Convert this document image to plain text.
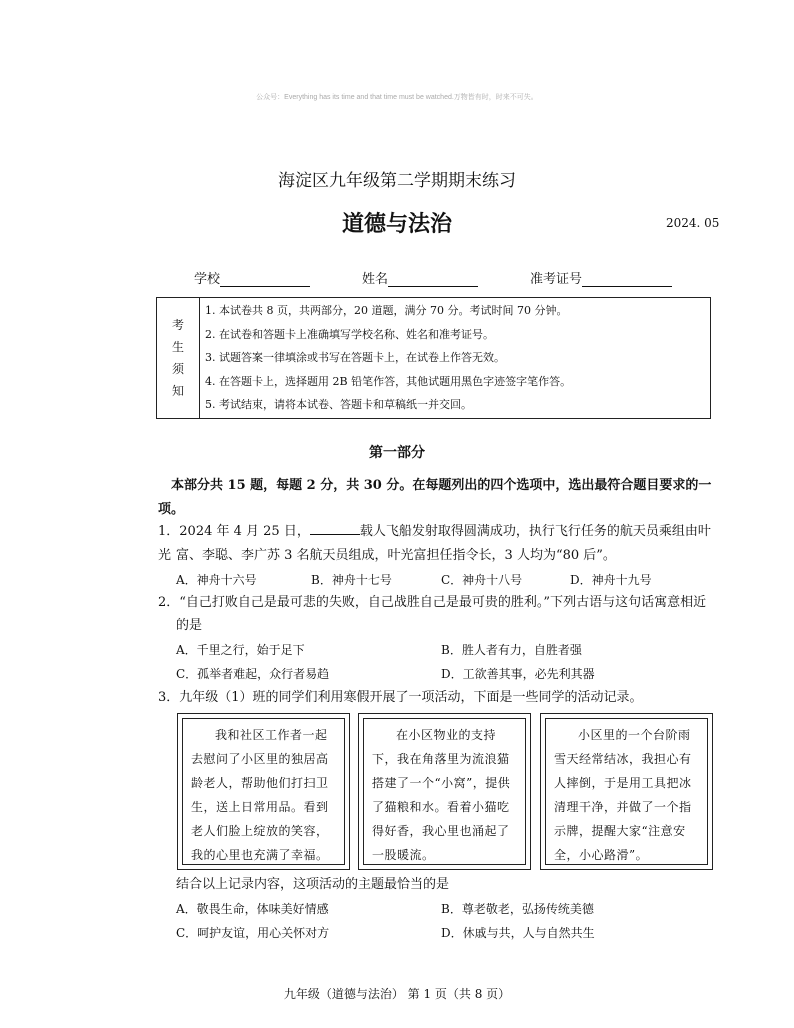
公众号：Everything has its time and that time must be watched.万物皆有时，时来不可失。
海淀区九年级第二学期期末练习
道德与法治	2024. 05
学校	姓名	准考证号
考
生
须
知

1. 本试卷共 8 页，共两部分，20 道题，满分 70 分。考试时间 70 分钟。
2. 在试卷和答题卡上准确填写学校名称、姓名和准考证号。
3. 试题答案一律填涂或书写在答题卡上，在试卷上作答无效。
4. 在答题卡上，选择题用 2B 铅笔作答，其他试题用黑色字迹签字笔作答。
5. 考试结束，请将本试卷、答题卡和草稿纸一并交回。
第一部分
本部分共 15 题，每题 2 分，共 30 分。在每题列出的四个选项中，选出最符合题目要求的一项。
1．2024 年 4 月 25 日，	载人飞船发射取得圆满成功，执行飞行任务的航天员乘组由叶光 富、李聪、李广苏 3 名航天员组成，叶光富担任指令长，3 人均为“80 后”。
A．神舟十六号	B．神舟十七号	C．神舟十八号	D．神舟十九号
2．“自己打败自己是最可悲的失败，自己战胜自己是最可贵的胜利。”下列古语与这句话寓意相近
的是
A．千里之行，始于足下	B．胜人者有力，自胜者强
C．孤举者难起，众行者易趋	D．工欲善其事，必先利其器
3．九年级（1）班的同学们利用寒假开展了一项活动，下面是一些同学的活动记录。
我和社区工作者一起去慰问了小区里的独居高龄老人，帮助他们打扫卫生，送上日常用品。看到老人们脸上绽放的笑容，我的心里也充满了幸福。
在小区物业的支持下，我在角落里为流浪猫搭建了一个“小窝”，提供了猫粮和水。看着小猫吃得好香，我心里也涌起了一股暖流。
小区里的一个台阶雨雪天经常结冰，我担心有人摔倒，于是用工具把冰清理干净，并做了一个指示牌，提醒大家“注意安全，小心路滑”。
结合以上记录内容，这项活动的主题最恰当的是
A．敬畏生命，体味美好情感	B．尊老敬老，弘扬传统美德
C．呵护友谊，用心关怀对方	D．休戚与共，人与自然共生
九年级（道德与法治） 第 1 页（共 8 页）
